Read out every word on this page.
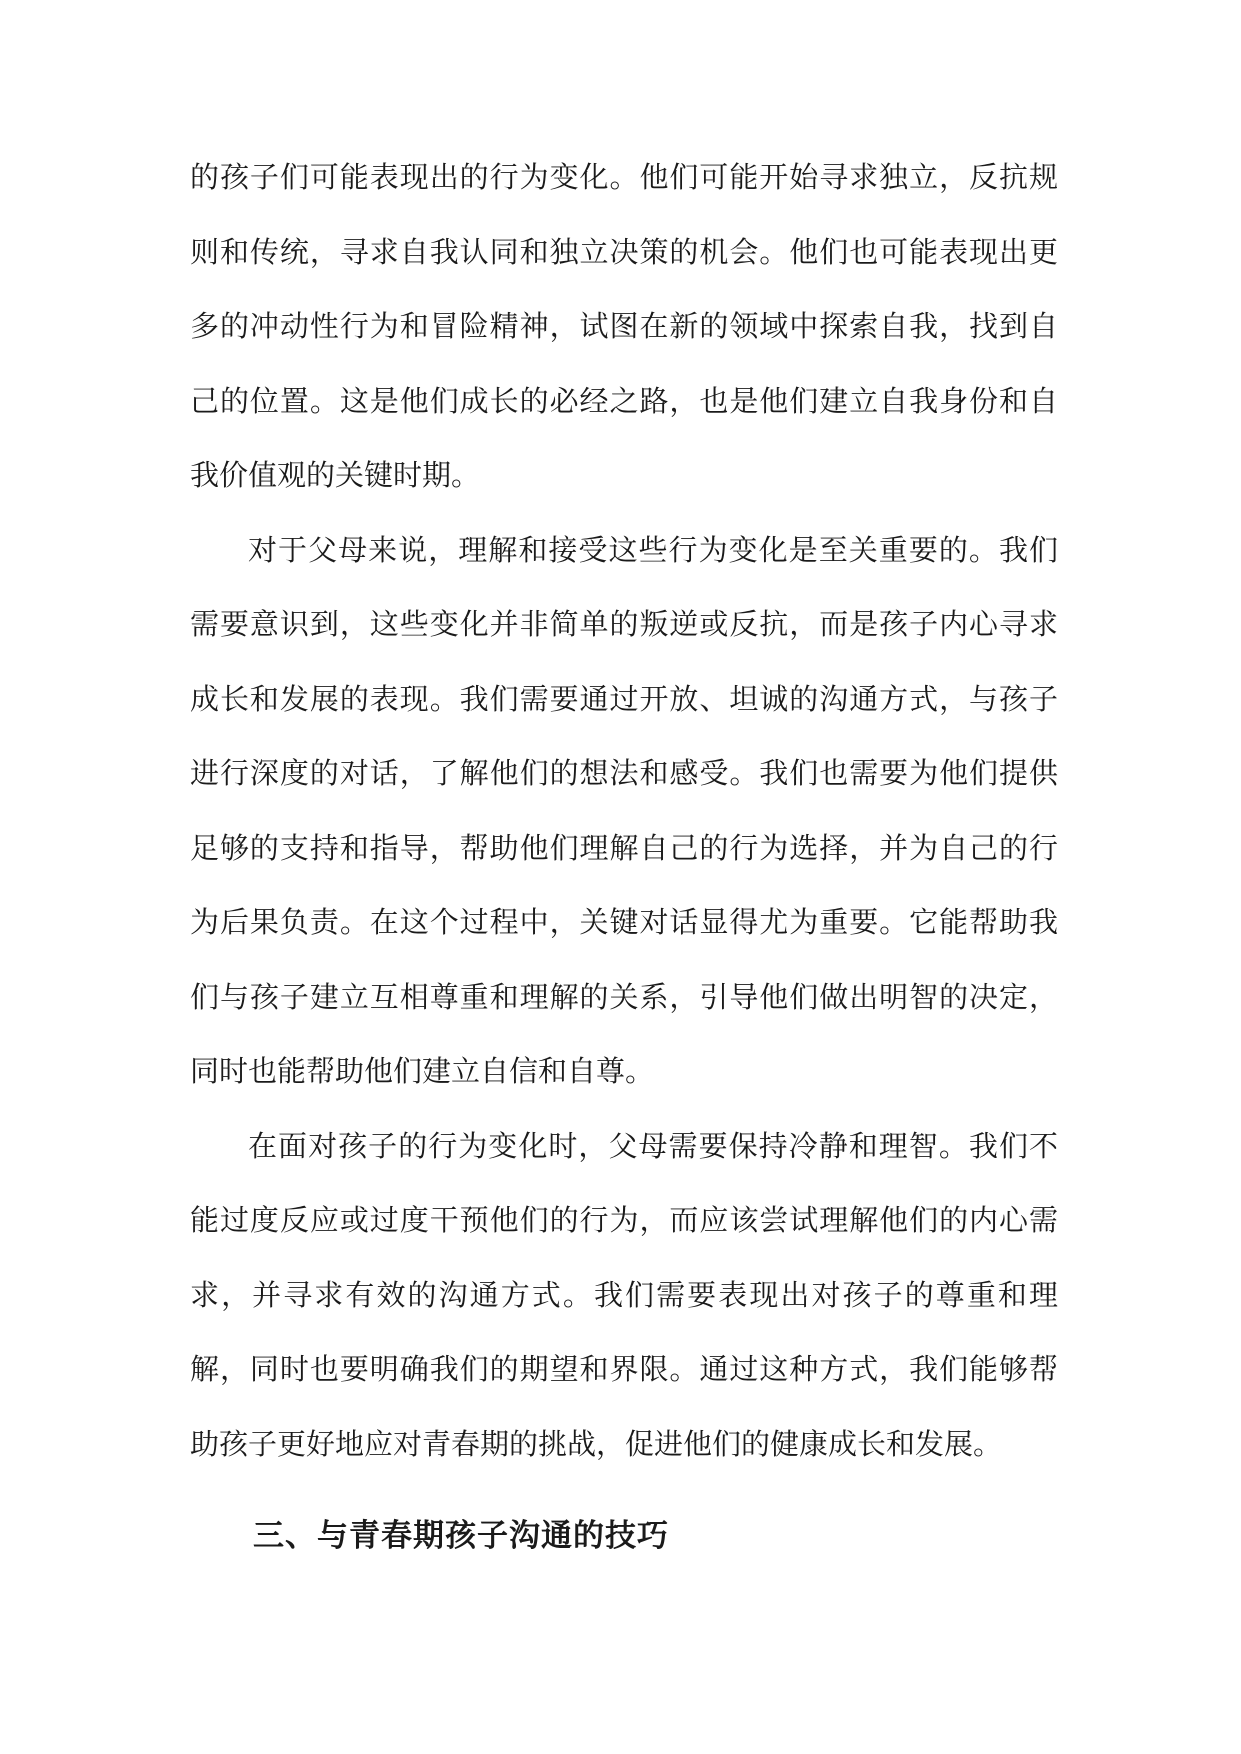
的孩子们可能表现出的行为变化。他们可能开始寻求独立，反抗规则和传统，寻求自我认同和独立决策的机会。他们也可能表现出更多的冲动性行为和冒险精神，试图在新的领域中探索自我，找到自己的位置。这是他们成长的必经之路，也是他们建立自我身份和自我价值观的关键时期。

对于父母来说，理解和接受这些行为变化是至关重要的。我们需要意识到，这些变化并非简单的叛逆或反抗，而是孩子内心寻求成长和发展的表现。我们需要通过开放、坦诚的沟通方式，与孩子进行深度的对话，了解他们的想法和感受。我们也需要为他们提供足够的支持和指导，帮助他们理解自己的行为选择，并为自己的行为后果负责。在这个过程中，关键对话显得尤为重要。它能帮助我们与孩子建立互相尊重和理解的关系，引导他们做出明智的决定，同时也能帮助他们建立自信和自尊。

在面对孩子的行为变化时，父母需要保持冷静和理智。我们不能过度反应或过度干预他们的行为，而应该尝试理解他们的内心需求，并寻求有效的沟通方式。我们需要表现出对孩子的尊重和理解，同时也要明确我们的期望和界限。通过这种方式，我们能够帮助孩子更好地应对青春期的挑战，促进他们的健康成长和发展。

三、与青春期孩子沟通的技巧
